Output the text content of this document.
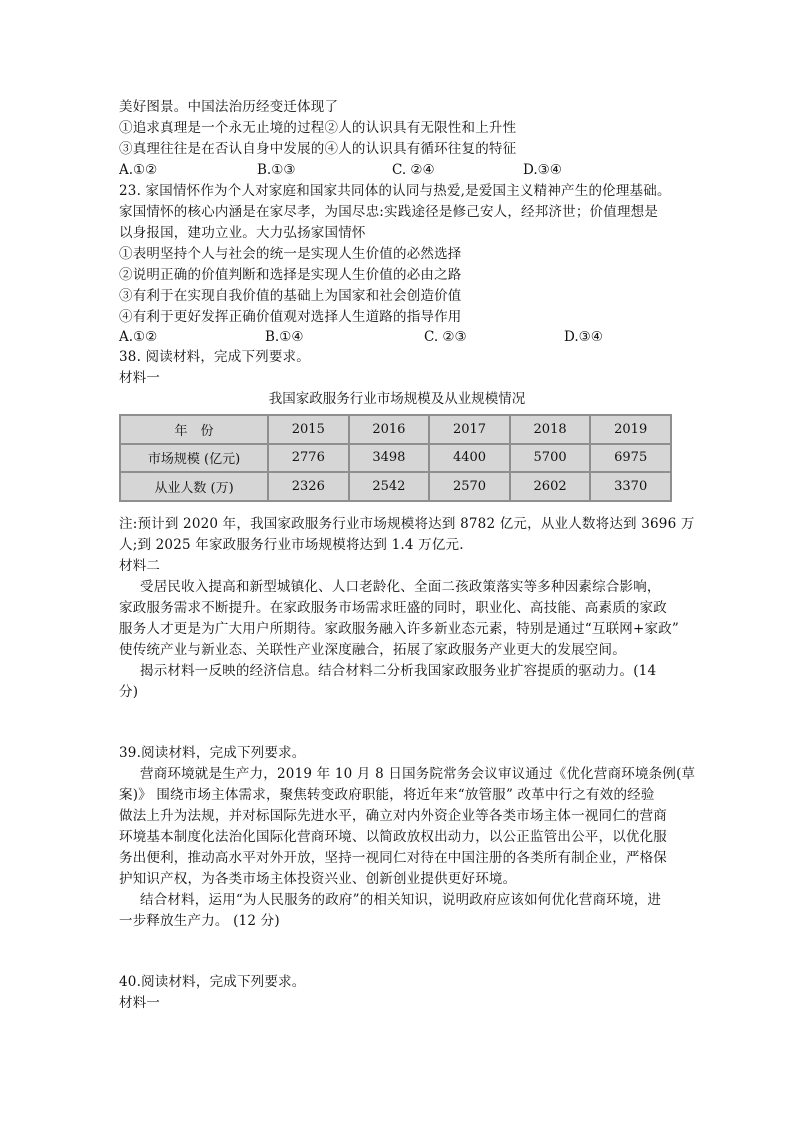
美好图景。中国法治历经变迁体现了
①追求真理是一个永无止境的过程②人的认识具有无限性和上升性
③真理往往是在否认自身中发展的④人的认识具有循环往复的特征
A.①②	B.①③	C. ②④	D.③④
23. 家国情怀作为个人对家庭和国家共同体的认同与热爱,是爱国主义精神产生的伦理基础。
家国情怀的核心内涵是在家尽孝，为国尽忠:实践途径是修己安人，经邦济世；价值理想是
以身报国，建功立业。大力弘扬家国情怀
①表明坚持个人与社会的统一是实现人生价值的必然选择
②说明正确的价值判断和选择是实现人生价值的必由之路
③有利于在实现自我价值的基础上为国家和社会创造价值
④有利于更好发挥正确价值观对选择人生道路的指导作用
A.①②	B.①④	C. ②③	D.③④
38. 阅读材料，完成下列要求。
材料一
我国家政服务行业市场规模及从业规模情况
年　份	2015	2016	2017	2018	2019
市场规模 (亿元)	2776	3498	4400	5700	6975
从业人数 (万)	2326	2542	2570	2602	3370
注:预计到 2020 年，我国家政服务行业市场规模将达到 8782 亿元，从业人数将达到 3696 万
人;到 2025 年家政服务行业市场规模将达到 1.4 万亿元.
材料二
受居民收入提高和新型城镇化、人口老龄化、全面二孩政策落实等多种因素综合影响，
家政服务需求不断提升。在家政服务市场需求旺盛的同时，职业化、高技能、高素质的家政
服务人才更是为广大用户所期待。家政服务融入许多新业态元素，特别是通过“互联网+家政”
使传统产业与新业态、关联性产业深度融合，拓展了家政服务产业更大的发展空间。
揭示材料一反映的经济信息。结合材料二分析我国家政服务业扩容提质的驱动力。(14
分)
39.阅读材料，完成下列要求。
营商环境就是生产力，2019 年 10 月 8 日国务院常务会议审议通过《优化营商环境条例(草
案)》 围绕市场主体需求，聚焦转变政府职能，将近年来“放管服” 改革中行之有效的经验
做法上升为法规，并对标国际先进水平，确立对内外资企业等各类市场主体一视同仁的营商
环境基本制度化法治化国际化营商环境、以简政放权出动力，以公正监管出公平，以优化服
务出便利，推动高水平对外开放，坚持一视同仁对待在中国注册的各类所有制企业，严格保
护知识产权，为各类市场主体投资兴业、创新创业提供更好环境。
结合材料，运用“为人民服务的政府”的相关知识，说明政府应该如何优化营商环境，进
一步释放生产力。 (12 分)
40.阅读材料，完成下列要求。
材料一
